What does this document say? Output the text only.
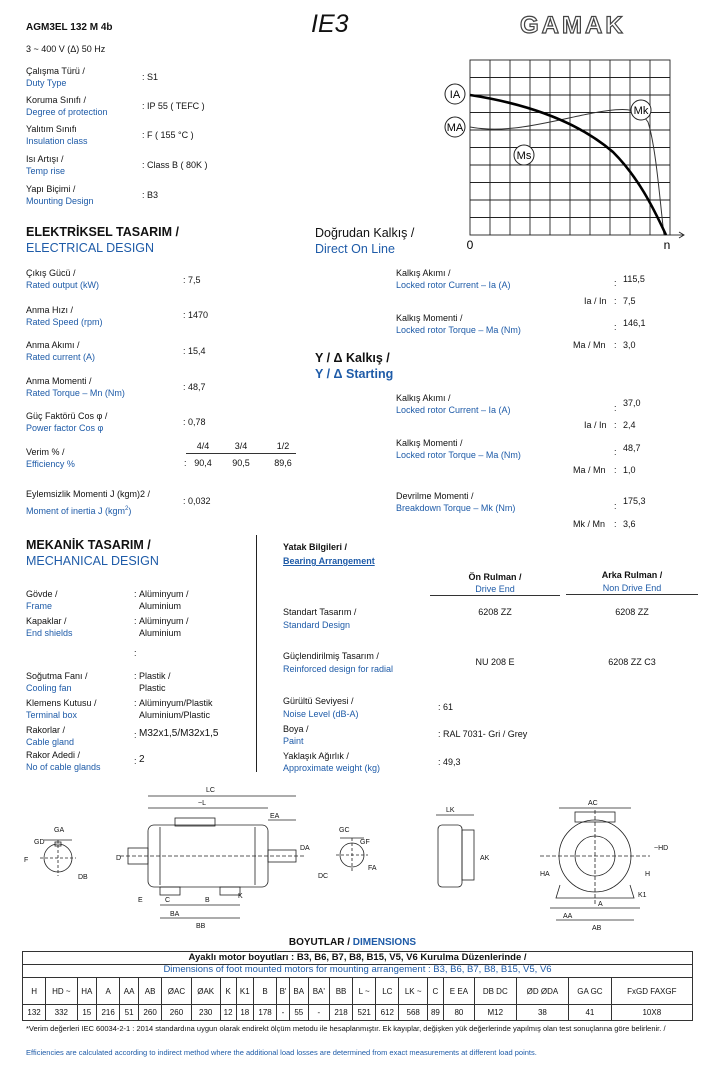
AGM3EL 132 M 4b
3 ~ 400 V (Δ) 50 Hz
IE3	GAMAK
Çalışma Türü /
Duty Type
: S1
Koruma Sınıfı /
Degree of protection
: IP 55 ( TEFC )
Yalıtım Sınıfı
Insulation class
: F ( 155 °C )
Isı Artışı /
Temp rise
: Class B ( 80K )
Yapı Biçimi /
Mounting Design
: B3
IA
MA
Ms
Mk
0	n
ELEKTRİKSEL TASARIM /
ELECTRICAL DESIGN
Çıkış Gücü /
Rated output (kW)	: 7,5
Anma Hızı /
Rated Speed (rpm)
: 1470
Anma Akımı /
Rated current (A)
: 15,4
Anma Momenti /
Rated Torque – Mn (Nm)
: 48,7
Güç Faktörü Cos φ /
Power factor Cos φ
: 0,78
Verim % /
Efficiency %
4/4	3/4	1/2
: 90,4	90,5	89,6
Eylemsizlik Momenti J (kgm)2 /
Moment of inertia J (kgm$^2$)
: 0,032
Doğrudan Kalkış /
Direct On Line
Kalkış Akımı /
Locked rotor Current – Ia (A)	: 115,5
Ia / In : 7,5
Kalkış Momenti /
Locked rotor Torque – Ma (Nm)	: 146,1
Ma / Mn : 3,0
Y / Δ Kalkış /
Y / Δ Starting
Kalkış Akımı /
Locked rotor Current – Ia (A)	: 37,0
Ia / In : 2,4
Kalkış Momenti /
Locked rotor Torque – Ma (Nm)	: 48,7
Ma / Mn : 1,0
Devrilme Momenti /
Breakdown Torque – Mk (Nm)	: 175,3
Mk / Mn : 3,6
MEKANİK TASARIM /
MECHANICAL DESIGN
Gövde /
Frame
: Alüminyum /
Aluminium
Kapaklar /
End shields
: Alüminyum /
Aluminium
:
Soğutma Fanı /
Cooling fan
: Plastik /
Plastic
Klemens Kutusu /
Terminal box
: Alüminyum/Plastik
Aluminium/Plastic
Rakorlar /
Cable gland
: M32x1,5/M32x1,5
Rakor Adedi /
No of cable glands
: 2
Yatak Bilgileri /
Bearing Arrangement
Ön Rulman /
Drive End
Arka Rulman /
Non Drive End
Standart Tasarım /
Standard Design
6208 ZZ	6208 ZZ
Güçlendirilmiş Tasarım /
Reinforced design for radial
NU 208 E	6208 ZZ C3
Gürültü Seviyesi /
Noise Level (dB-A)
: 61
Boya /
Paint
: RAL 7031- Gri / Grey
Yaklaşık Ağırlık /
Approximate weight (kg)
: 49,3
GA
GD
F
DB
LC
~L
EA
DA
D
E	C	B
K
BA
BB
GC
GF
DC
FA
LK
AK
AC
~HD
H
HA
K1
AA
A
AB
BOYUTLAR / DIMENSIONS
Ayaklı motor boyutları : B3, B6, B7, B8, B15, V5, V6 Kurulma Düzenlerinde /
Dimensions of foot mounted motors for mounting arrangement : B3, B6, B7, B8, B15, V5, V6
H	HD ~	HA	A	AA	AB	ØAC	ØAK	K	K1	B	B'	BA	BA'	BB	L ~	LC	LK ~	C	E EA	DB DC	ØD ØDA	GA GC	FxGD FAXGF
132	332	15	216	51	260	260	230	12	18	178	-	55	-	218	521	612	568	89	80	M12	38	41	10X8
*Verim değerleri IEC 60034-2-1 : 2014 standardına uygun olarak endirekt ölçüm metodu ile hesaplanmıştır. Ek kayıplar, değişken yük değerlerinde yapılmış olan test sonuçlarına göre belirlenir. /
Efficiencies are calculated according to indirect method where the additional load losses are determined from exact measurements at different load points.
